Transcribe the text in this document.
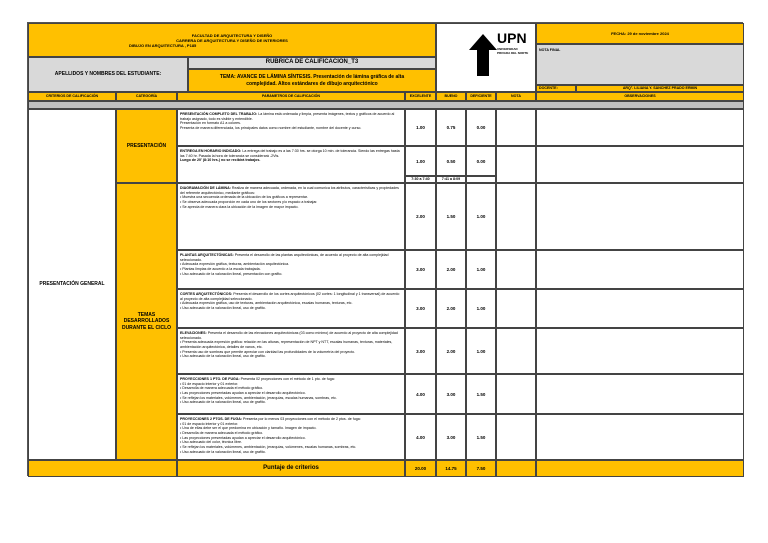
FACULTAD DE ARQUITECTURA Y DISEÑO
CARRERA DE ARQUITECTURA Y DISEÑO DE INTERIORES
DIBUJO EN ARQUITECTURA , P185	UPN
UNIVERSIDAD PRIVADA DEL NORTE
FECHA: 29 de noviembre 2024
APELLIDOS Y NOMBRES DEL ESTUDIANTE:
RUBRICA DE CALIFICACIÓN_T3
TEMA: AVANCE DE LÁMINA SÍNTESIS. Presentación de lámina gráfica de alta
complejidad. Altos estándares de dibujo arquitectónico
NOTA FINAL
DOCENTE:	ARQ°. LILIANA Y. SÁNCHEZ PRADO ERMIN
CRITERIOS DE CALIFICACIÓN	CATEGORÍA	PARAMETROS DE CALIFICACIÓN	EXCELENTE	BUENO	DEFICIENTE	NOTA	OBSERVACIONES
PRESENTACIÓN GENERAL
PRESENTACIÓN
TEMAS DESARROLLADOS DURANTE EL CICLO
Puntaje de criterios	20.00	14.75	7.50
PRESENTACIÓN COMPLETO DEL TRABAJO:La lámina está ordenada y limpia, presenta imágenes, textos y gráficos de acuerdo al trabajo asignado, todo es visible y entendible.
Presentación en formato A1 a colores.
Presenta de manera diferenciada, los principales datos como nombre del estudiante, nombre del docente y curso.	1.00	0.75	0.00
ENTREGA EN HORARIO INDICADO:La entrega del trabajo es a las 7:30 hrs. se otorga 10 min. de tolerancia. Siendo las entregas hasta las 7:40 hr. Pasada la hora de tolerancia se considerará -2Vts.
Luego de 20' (8:10 hrs.) no se recibirá trabajos.	1.00	0.50	0.00
7:30 a 7:40	7:41 a 8:09
DIAGRAMACIÓN DE LÁMINA:Realiza de manera adecuada, ordenada, en la cual comunica los atributos, características y propiedades del referente arquitectónico, mediante gráficos:
• Muestra una secuencia ordenada de la ubicación de los gráficos a representar.
• Se observa adecuada proporción en cada uno de los sectores y/o espacio a trabajar.
• Se aprecia de manera clara la ubicación de la imagen de mayor impacto.
2.00	1.50	1.00
PLANTAS ARQUITECTÓNICAS:Presenta el desarrollo de las plantas arquitectónicas, de acuerdo al proyecto de alta complejidad seleccionado.
• Adecuada expresión gráfica, texturas, ambientación arquitectónica.
• Plantas limpias de acuerdo a la escala trabajada.
• Uso adecuado de la valoración lineal, presentación con grafito.
3.00	2.00	1.00
CORTES ARQUITECTÓNICOS:Presenta el desarrollo de los cortes arquitectónicos (02 cortes: 1 longitudinal y 1 transversal) de acuerdo al proyecto de alta complejidad seleccionado.
• Adecuada expresión gráfica, uso de texturas, ambientación arquitectónica, escalas humanas, texturas, etc.
• Uso adecuado de la valoración lineal, uso de grafito.	3.00	2.00	1.00
ELEVACIONES:Presenta el desarrollo de las elevaciones arquitectónicas (03 como mínimo) de acuerdo al proyecto de alta complejidad seleccionado.
• Presenta adecuada expresión gráfica: relación en las alturas, representación de NPT y NTT, escalas humanas, texturas, materiales, ambientación arquitectónica, detalles de vanos, etc.
• Presenta uso de sombras que permite apreciar con claridad las profundidades de la volumetría del proyecto.
• Uso adecuado de la valoración lineal, uso de grafito.
3.00	2.00	1.00
PROYECCIONES 1 PTO. DE FUGA:Presenta 02 proyecciones con el método de 1 pto. de fuga:
• 01 de espacio interior y 01 exterior.
• Desarrolla de manera adecuada el método gráfico.
• Las proyecciones presentadas ayudan a apreciar el desarrollo arquitectónico.
• Se reflejan los materiales, volúmenes, ambientación, jerarquías, escalas humanas, sombras, etc.
• Uso adecuado de la valoración lineal, uso de grafito.
4.00	3.00	1.50
PROYECCIONES 2 PTOS. DE FUGA:Presenta por lo menos 03 proyecciones con el método de 2 ptos. de fuga:
• 01 de espacio interior y 01 exterior.
• Una de ellas debe ser el que predomina en ubicación y tamaño. Imagen de impacto.
• Desarrolla de manera adecuada el método gráfico.
• Las proyecciones presentadas ayudan a apreciar el desarrollo arquitectónico.
• Uso adecuado del color, técnica libre.
• Se reflejan los materiales, volúmenes, ambientación, jerarquías, volúmenes, escalas humanas, sombras, etc.
• Uso adecuado de la valoración lineal, uso de grafito.
4.00	3.00	1.50
